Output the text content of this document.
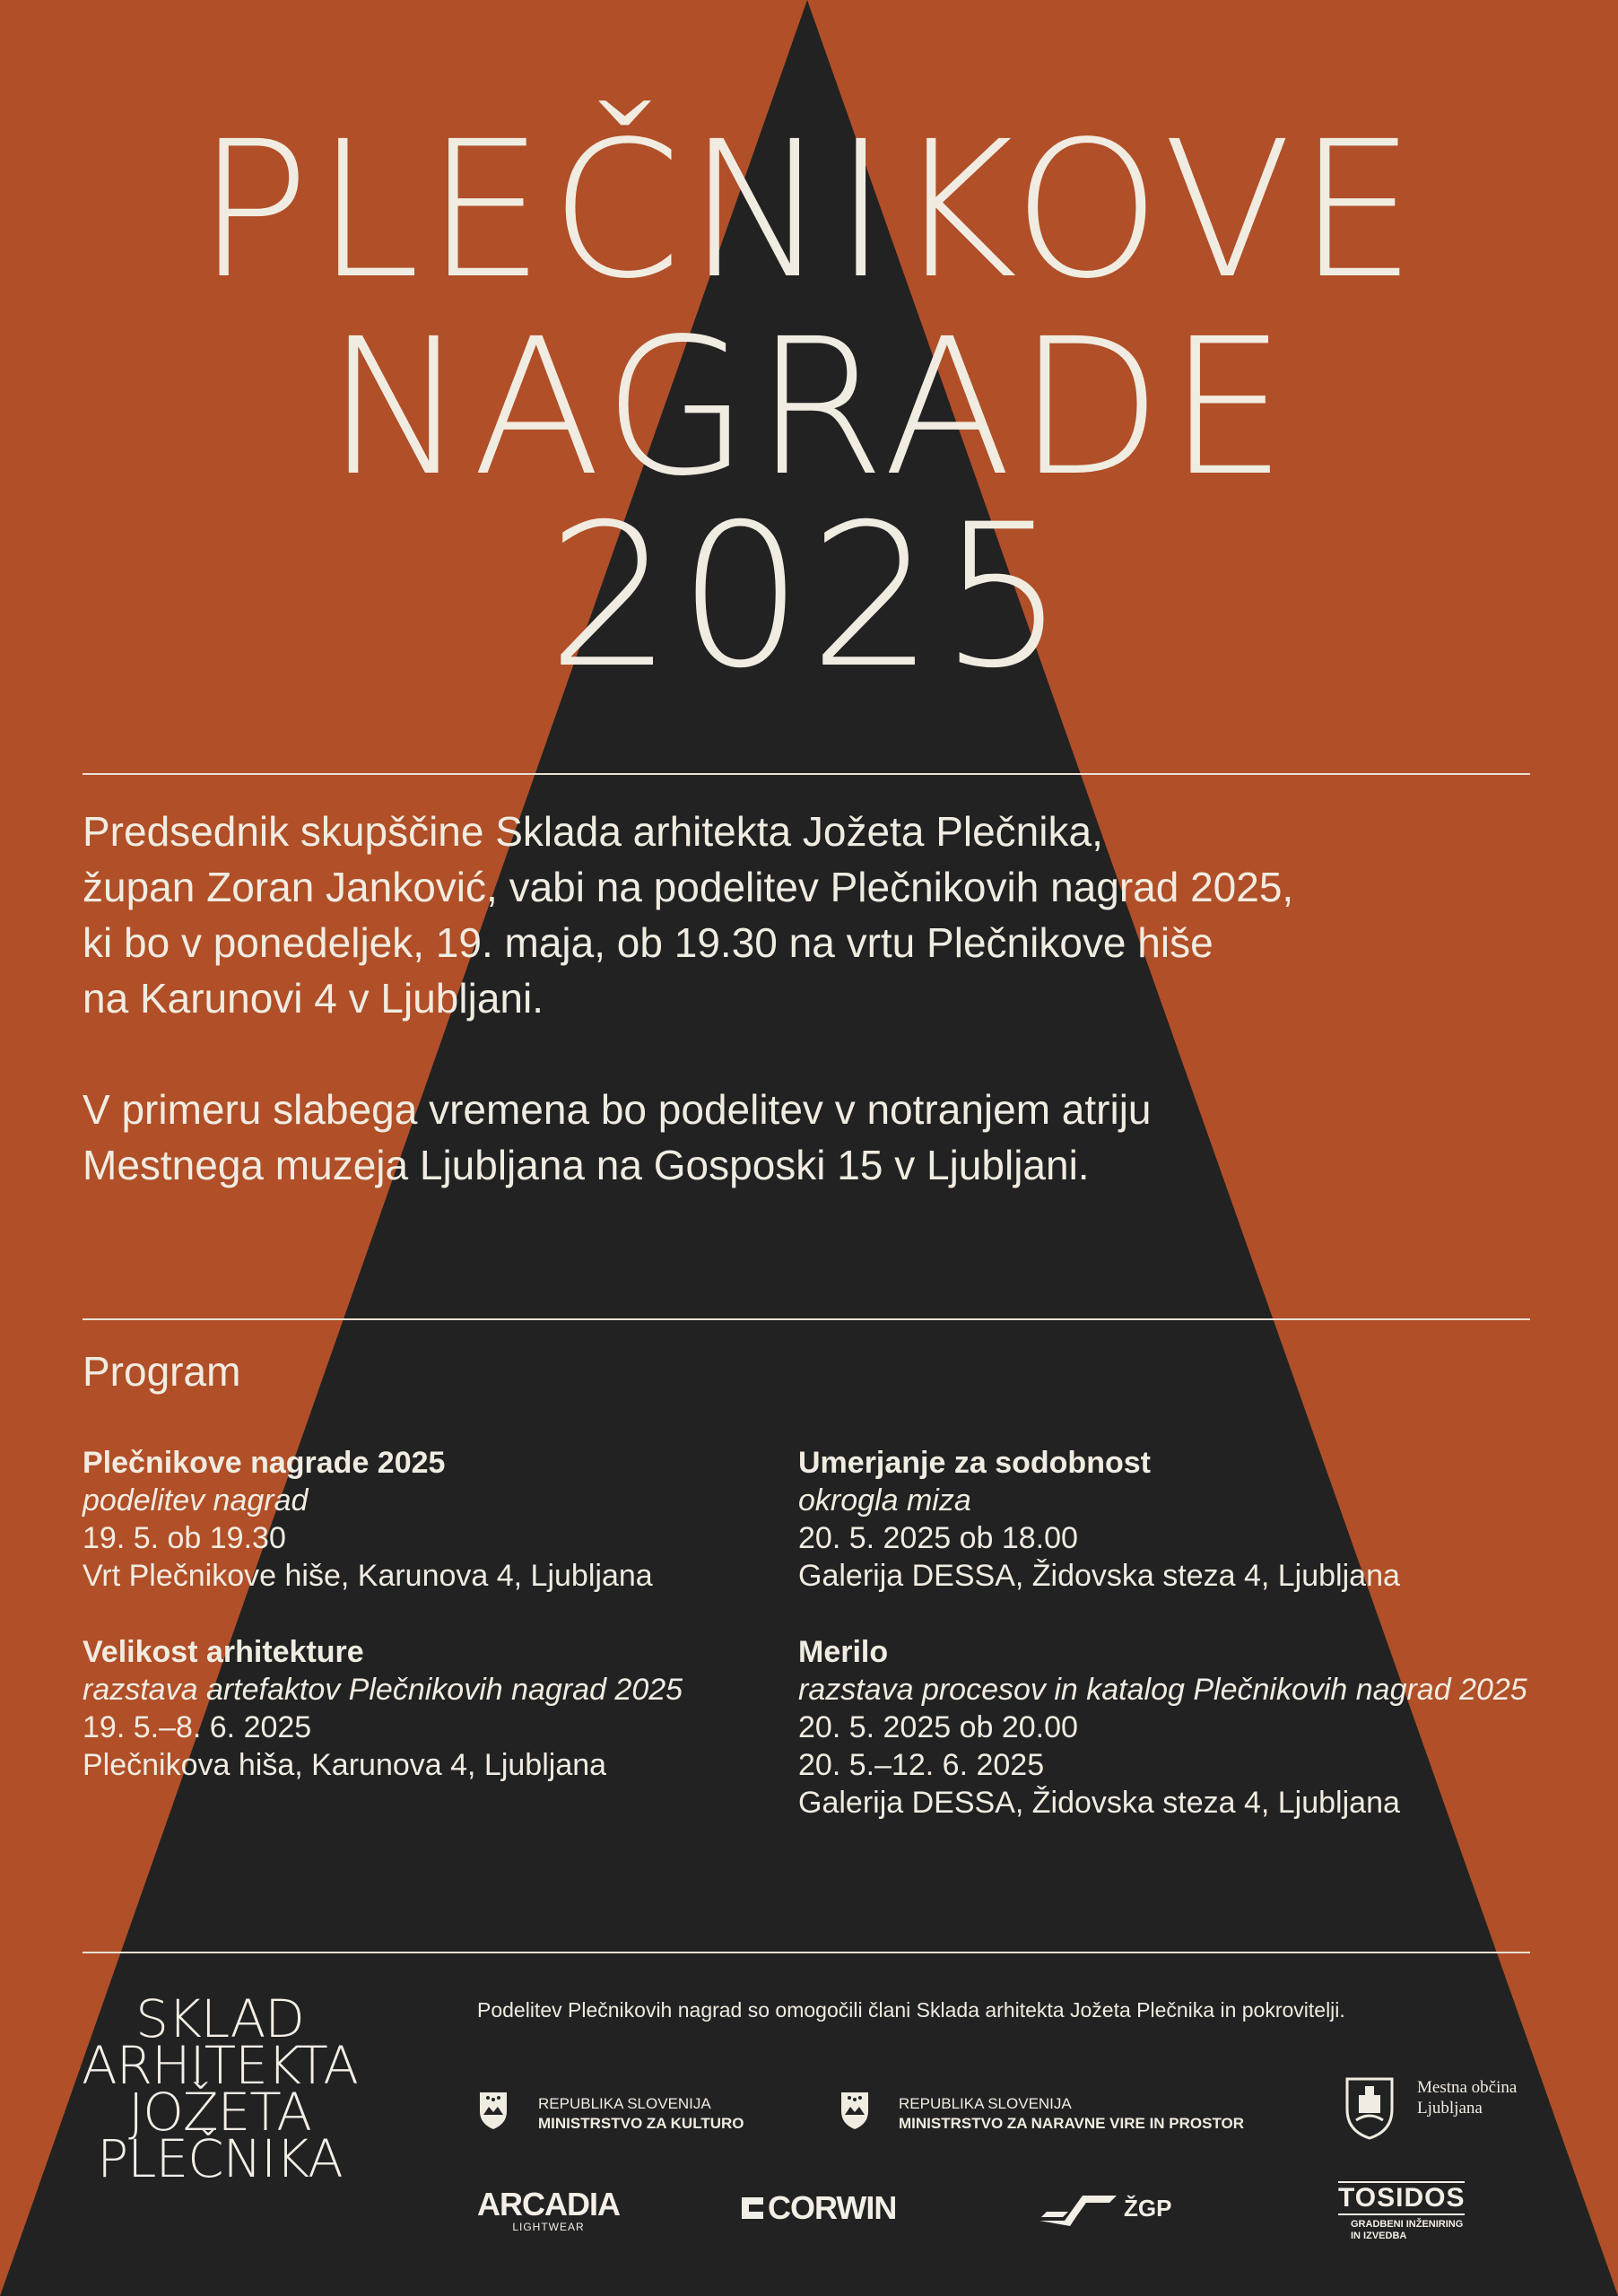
PLEČNIKOVE
NAGRADE
2025

Predsednik skupščine Sklada arhitekta Jožeta Plečnika,
župan Zoran Janković, vabi na podelitev Plečnikovih nagrad 2025,
ki bo v ponedeljek, 19. maja, ob 19.30 na vrtu Plečnikove hiše
na Karunovi 4 v Ljubljani.

V primeru slabega vremena bo podelitev v notranjem atriju
Mestnega muzeja Ljubljana na Gosposki 15 v Ljubljani.

Program
Plečnikove nagrade 2025
podelitev nagrad
19. 5. ob 19.30
Vrt Plečnikove hiše, Karunova 4, Ljubljana
Velikost arhitekture
razstava artefaktov Plečnikovih nagrad 2025
19. 5.–8. 6. 2025
Plečnikova hiša, Karunova 4, Ljubljana
Umerjanje za sodobnost
okrogla miza
20. 5. 2025 ob 18.00
Galerija DESSA, Židovska steza 4, Ljubljana
Merilo
razstava procesov in katalog Plečnikovih nagrad 2025
20. 5. 2025 ob 20.00
20. 5.–12. 6. 2025
Galerija DESSA, Židovska steza 4, Ljubljana
SKLAD
ARHITEKTA
JOŽETA
PLEČNIKA
Podelitev Plečnikovih nagrad so omogočili člani Sklada arhitekta Jožeta Plečnika in pokrovitelji.
REPUBLIKA SLOVENIJA
MINISTRSTVO ZA KULTURO
REPUBLIKA SLOVENIJA
MINISTRSTVO ZA NARAVNE VIRE IN PROSTOR
Mestna občina
Ljubljana
ARCADIA
LIGHTWEAR
CORWIN	ŽGP	TOSIDOS
GRADBENI INŽENIRING
IN IZVEDBA
